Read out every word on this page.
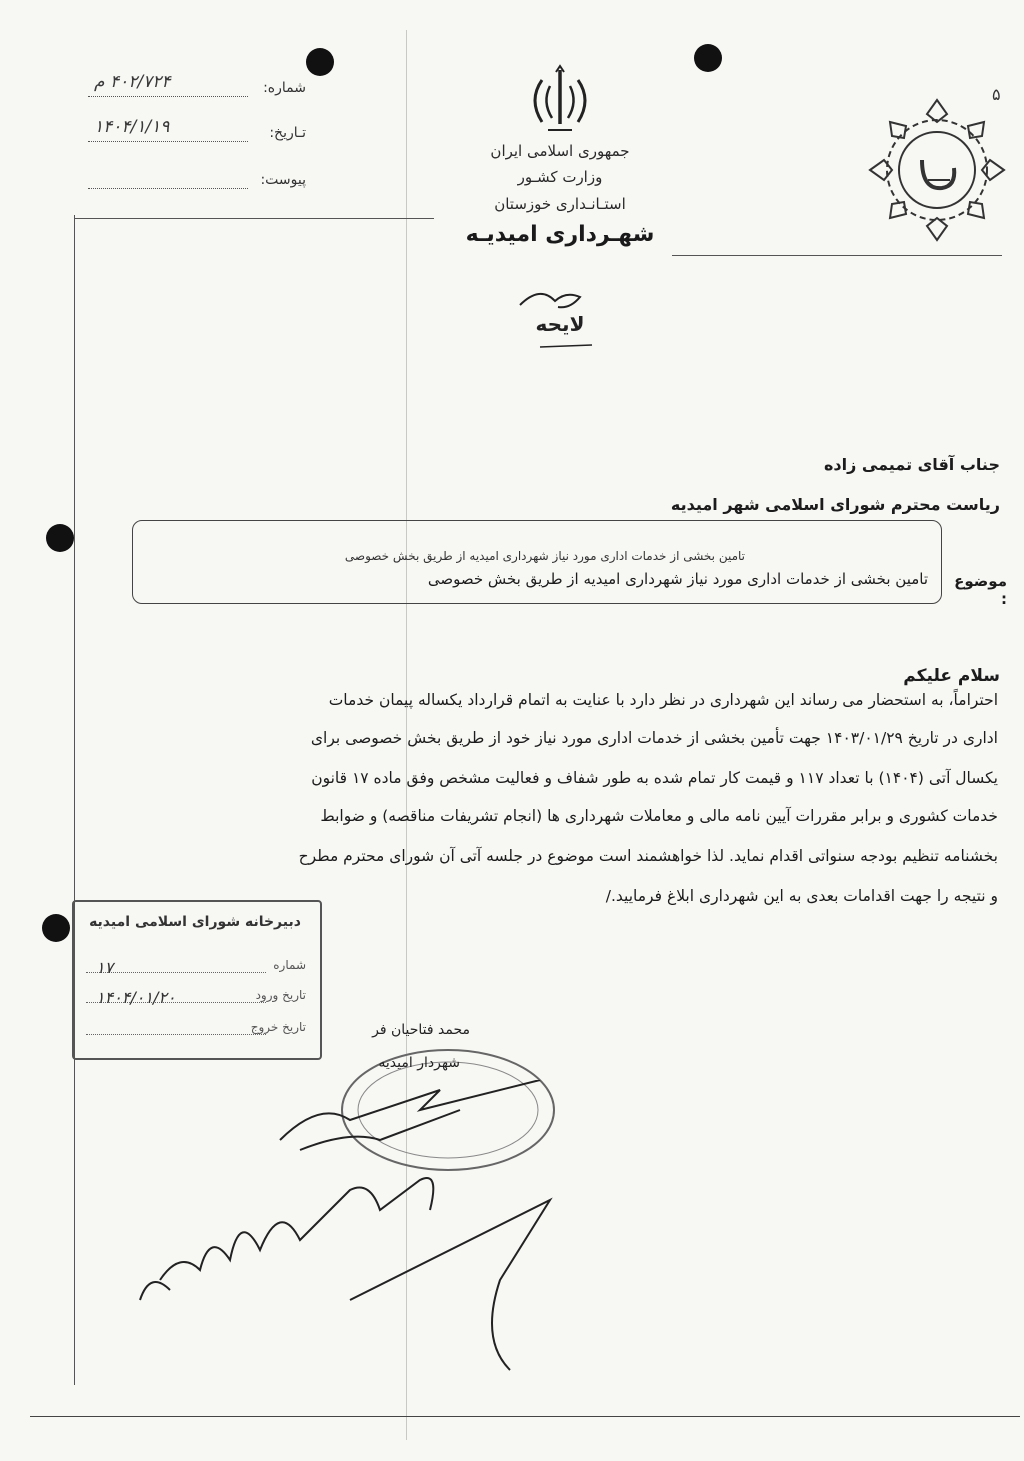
شماره:
۴۰۲/۷۲۴ م
تـاریخ:
۱۴۰۴/۱/۱۹
پیوست:
جمهوری اسلامی ایران
وزارت کشـور
استـانـداری خوزستان
شهـرداری امیدیـه
۵
لایحه
جناب آقای تمیمی زاده
ریاست محترم شورای اسلامی شهر امیدیه
موضوع :
تامین بخشی از خدمات اداری مورد نیاز شهرداری امیدیه از طریق بخش خصوصی
تامین بخشی از خدمات اداری مورد نیاز شهرداری امیدیه از طریق بخش خصوصی
سلام علیکم
احتراماً، به استحضار می رساند این شهرداری در نظر دارد با عنایت به اتمام قرارداد یکساله پیمان خدمات
اداری در تاریخ ۱۴۰۳/۰۱/۲۹ جهت تأمین بخشی از خدمات اداری مورد نیاز خود از طریق بخش خصوصی برای
یکسال آتی (۱۴۰۴) با تعداد ۱۱۷ و قیمت کار تمام شده به طور شفاف و فعالیت مشخص وفق ماده ۱۷ قانون
خدمات کشوری و برابر مقررات آیین نامه مالی و معاملات شهرداری ها (انجام تشریفات مناقصه) و ضوابط
بخشنامه تنظیم بودجه سنواتی اقدام نماید. لذا خواهشمند است موضوع در جلسه آتی آن شورای محترم مطرح
و نتیجه را جهت اقدامات بعدی به این شهرداری ابلاغ فرمایید./
دبیرخانه شورای اسلامی امیدیه
شماره
۱۷
تاریخ ورود
۱۴۰۴/۰۱/۲۰
تاریخ خروج	محمد فتاحیان فر
شهردار امیدیه
